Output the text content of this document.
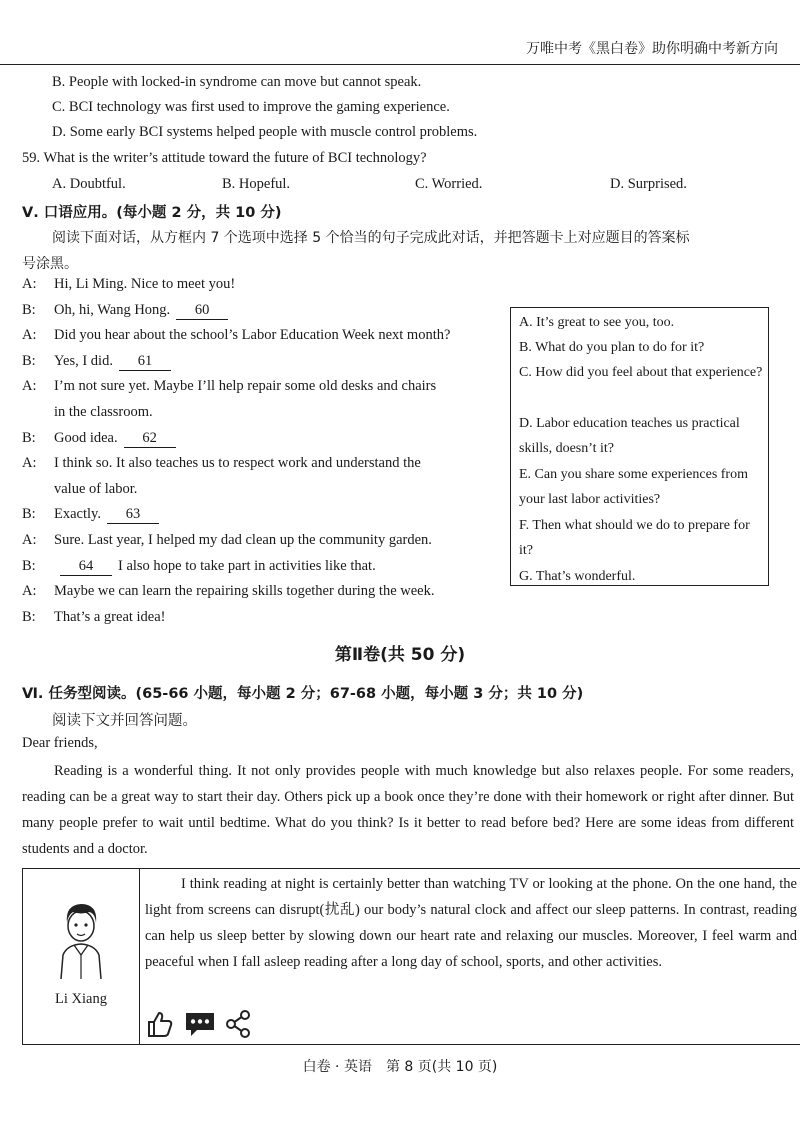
万唯中考《黑白卷》助你明确中考新方向
B. People with locked-in syndrome can move but cannot speak.
C. BCI technology was first used to improve the gaming experience.
D. Some early BCI systems helped people with muscle control problems.
59. What is the writer’s attitude toward the future of BCI technology?
A. Doubtful.	B. Hopeful.	C. Worried.	D. Surprised.
Ⅴ. 口语应用。(每小题 2 分，共 10 分)
阅读下面对话，从方框内 7 个选项中选择 5 个恰当的句子完成此对话，并把答题卡上对应题目的答案标
号涂黑。
A: Hi, Li Ming. Nice to meet you!
B: Oh, hi, Wang Hong. 60
A: Did you hear about the school’s Labor Education Week next month?
B: Yes, I did. 61
A: I’m not sure yet. Maybe I’ll help repair some old desks and chairs
in the classroom.
B: Good idea. 62
A: I think so. It also teaches us to respect work and understand the
value of labor.
B: Exactly. 63
A: Sure. Last year, I helped my dad clean up the community garden.
B:	64 I also hope to take part in activities like that.
A: Maybe we can learn the repairing skills together during the week.
B: That’s a great idea!
A. It’s great to see you, too.
B. What do you plan to do for it?
C. How did you feel about that experience?
D. Labor education teaches us practical skills, doesn’t it?
E. Can you share some experiences from your last labor activities?
F. Then what should we do to prepare for it?
G. That’s wonderful.
第Ⅱ卷(共 50 分)
Ⅵ. 任务型阅读。(65-66 小题，每小题 2 分；67-68 小题，每小题 3 分；共 10 分)
阅读下文并回答问题。
Dear friends,
Reading is a wonderful thing. It not only provides people with much knowledge but also relaxes people. For some readers, reading can be a great way to start their day. Others pick up a book once they’re done with their homework or right after dinner. But many people prefer to wait until bedtime. What do you think? Is it better to read before bed? Here are some ideas from different students and a doctor.
Li Xiang
I think reading at night is certainly better than watching TV or looking at the phone. On the one hand, the light from screens can disrupt(扰乱) our body’s natural clock and affect our sleep patterns. In contrast, reading can help us sleep better by slowing down our heart rate and relaxing our muscles. Moreover, I feel warm and peaceful when I fall asleep reading after a long day of school, sports, and other activities.

白卷 · 英语　第 8 页(共 10 页)
